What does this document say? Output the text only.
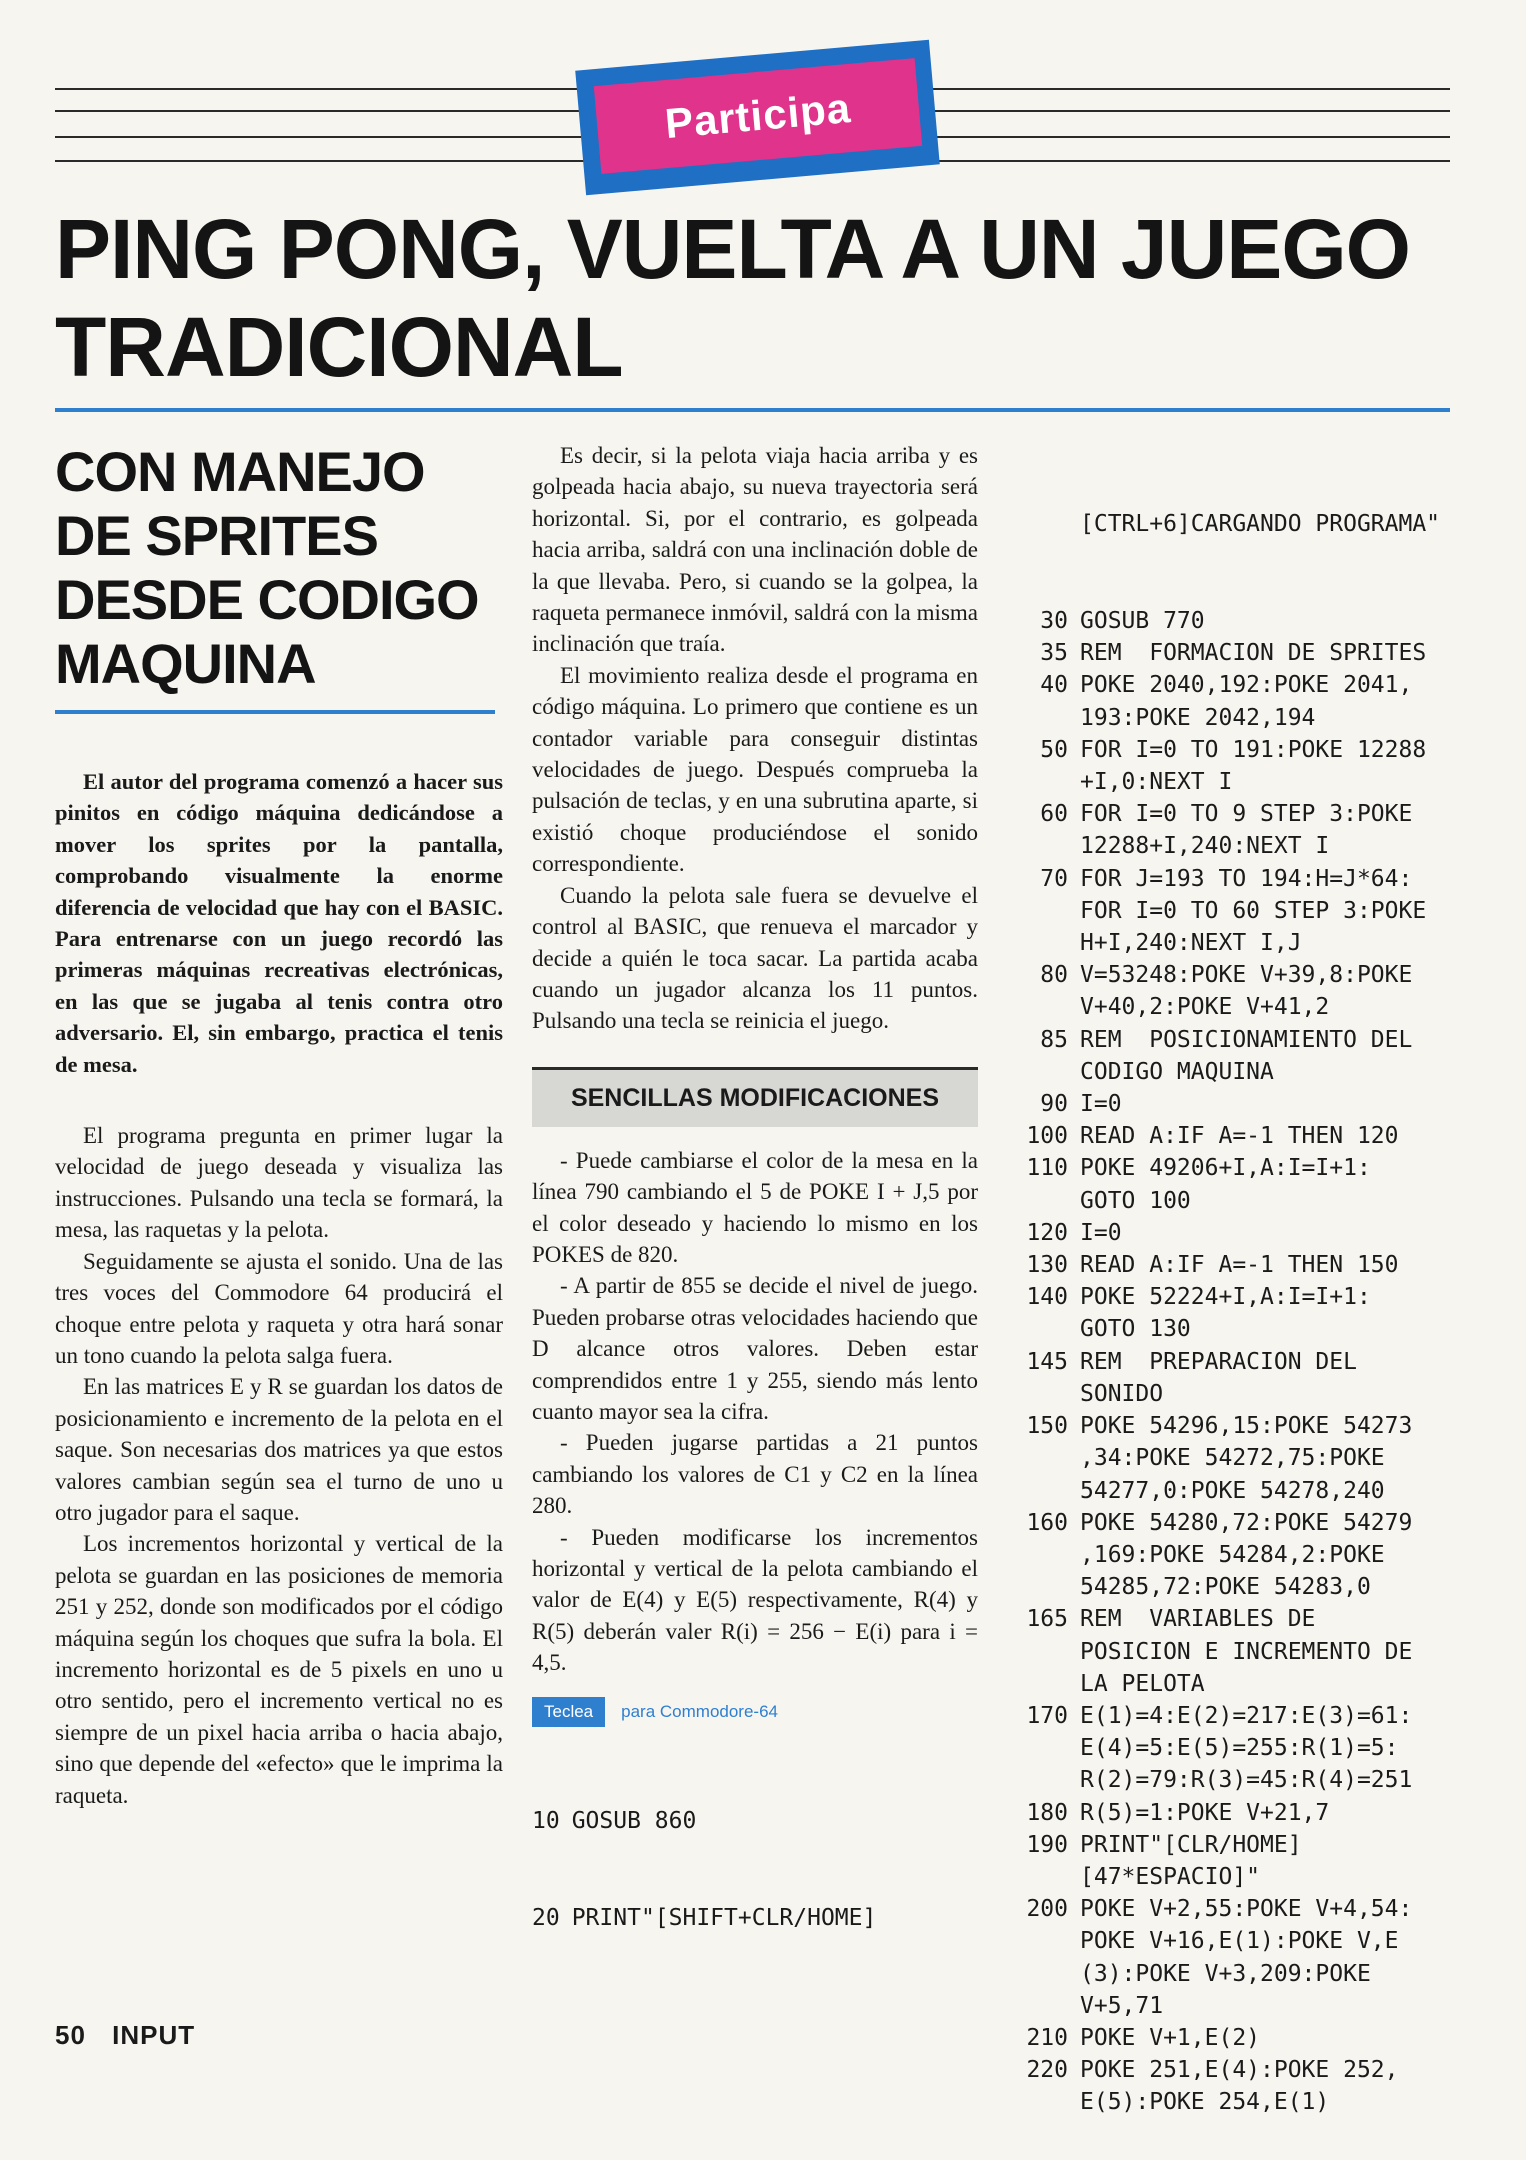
Participa
PING PONG, VUELTA A UN JUEGO
TRADICIONAL
CON MANEJO
DE SPRITES
DESDE CODIGO
MAQUINA

El autor del programa comenzó a hacer sus pinitos en código máquina dedicándose a mover los sprites por la pantalla, comprobando visualmente la enorme diferencia de velocidad que hay con el BASIC. Para entrenarse con un juego recordó las primeras máquinas recreativas electrónicas, en las que se jugaba al tenis contra otro adversario. El, sin embargo, practica el tenis de mesa.

El programa pregunta en primer lugar la velocidad de juego deseada y visualiza las instrucciones. Pulsando una tecla se formará, la mesa, las raquetas y la pelota.

Seguidamente se ajusta el sonido. Una de las tres voces del Commodore 64 producirá el choque entre pelota y raqueta y otra hará sonar un tono cuando la pelota salga fuera.

En las matrices E y R se guardan los datos de posicionamiento e incremento de la pelota en el saque. Son necesarias dos matrices ya que estos valores cambian según sea el turno de uno u otro jugador para el saque.

Los incrementos horizontal y vertical de la pelota se guardan en las posiciones de memoria 251 y 252, donde son modificados por el código máquina según los choques que sufra la bola. El incremento horizontal es de 5 pixels en uno u otro sentido, pero el incremento vertical no es siempre de un pixel hacia arriba o hacia abajo, sino que depende del «efecto» que le imprima la raqueta.

Es decir, si la pelota viaja hacia arriba y es golpeada hacia abajo, su nueva trayectoria será horizontal. Si, por el contrario, es golpeada hacia arriba, saldrá con una inclinación doble de la que llevaba. Pero, si cuando se la golpea, la raqueta permanece inmóvil, saldrá con la misma inclinación que traía.

El movimiento realiza desde el programa en código máquina. Lo primero que contiene es un contador variable para conseguir distintas velocidades de juego. Después comprueba la pulsación de teclas, y en una subrutina aparte, si existió choque produciéndose el sonido correspondiente.

Cuando la pelota sale fuera se devuelve el control al BASIC, que renueva el marcador y decide a quién le toca sacar. La partida acaba cuando un jugador alcanza los 11 puntos. Pulsando una tecla se reinicia el juego.

SENCILLAS MODIFICACIONES

- Puede cambiarse el color de la mesa en la línea 790 cambiando el 5 de POKE I + J,5 por el color deseado y haciendo lo mismo en los POKES de 820.

- A partir de 855 se decide el nivel de juego. Pueden probarse otras velocidades haciendo que D alcance otros valores. Deben estar comprendidos entre 1 y 255, siendo más lento cuanto mayor sea la cifra.

- Pueden jugarse partidas a 21 puntos cambiando los valores de C1 y C2 en la línea 280.

- Pueden modificarse los incrementos horizontal y vertical de la pelota cambiando el valor de E(4) y E(5) respectivamente, R(4) y R(5) deberán valer R(i) = 256 − E(i) para i = 4,5.

Teclea	para Commodore-64

10 GOSUB 860

20 PRINT"[SHIFT+CLR/HOME]

[CTRL+6]CARGANDO PROGRAMA"

30 GOSUB 770
35 REM  FORMACION DE SPRITES
40 POKE 2040,192:POKE 2041,
193:POKE 2042,194
50 FOR I=0 TO 191:POKE 12288
+I,0:NEXT I
60 FOR I=0 TO 9 STEP 3:POKE
12288+I,240:NEXT I
70 FOR J=193 TO 194:H=J*64:
FOR I=0 TO 60 STEP 3:POKE
H+I,240:NEXT I,J
80 V=53248:POKE V+39,8:POKE
V+40,2:POKE V+41,2
85 REM  POSICIONAMIENTO DEL
CODIGO MAQUINA
90 I=0
100 READ A:IF A=-1 THEN 120
110 POKE 49206+I,A:I=I+1:
GOTO 100
120 I=0
130 READ A:IF A=-1 THEN 150
140 POKE 52224+I,A:I=I+1:
GOTO 130
145 REM  PREPARACION DEL
SONIDO
150 POKE 54296,15:POKE 54273
,34:POKE 54272,75:POKE
54277,0:POKE 54278,240
160 POKE 54280,72:POKE 54279
,169:POKE 54284,2:POKE
54285,72:POKE 54283,0
165 REM  VARIABLES DE
POSICION E INCREMENTO DE
LA PELOTA
170 E(1)=4:E(2)=217:E(3)=61:
E(4)=5:E(5)=255:R(1)=5:
R(2)=79:R(3)=45:R(4)=251
180 R(5)=1:POKE V+21,7
190 PRINT"[CLR/HOME]
[47*ESPACIO]"
200 POKE V+2,55:POKE V+4,54:
POKE V+16,E(1):POKE V,E
(3):POKE V+3,209:POKE
V+5,71
210 POKE V+1,E(2)
220 POKE 251,E(4):POKE 252,
E(5):POKE 254,E(1)
50 INPUT
